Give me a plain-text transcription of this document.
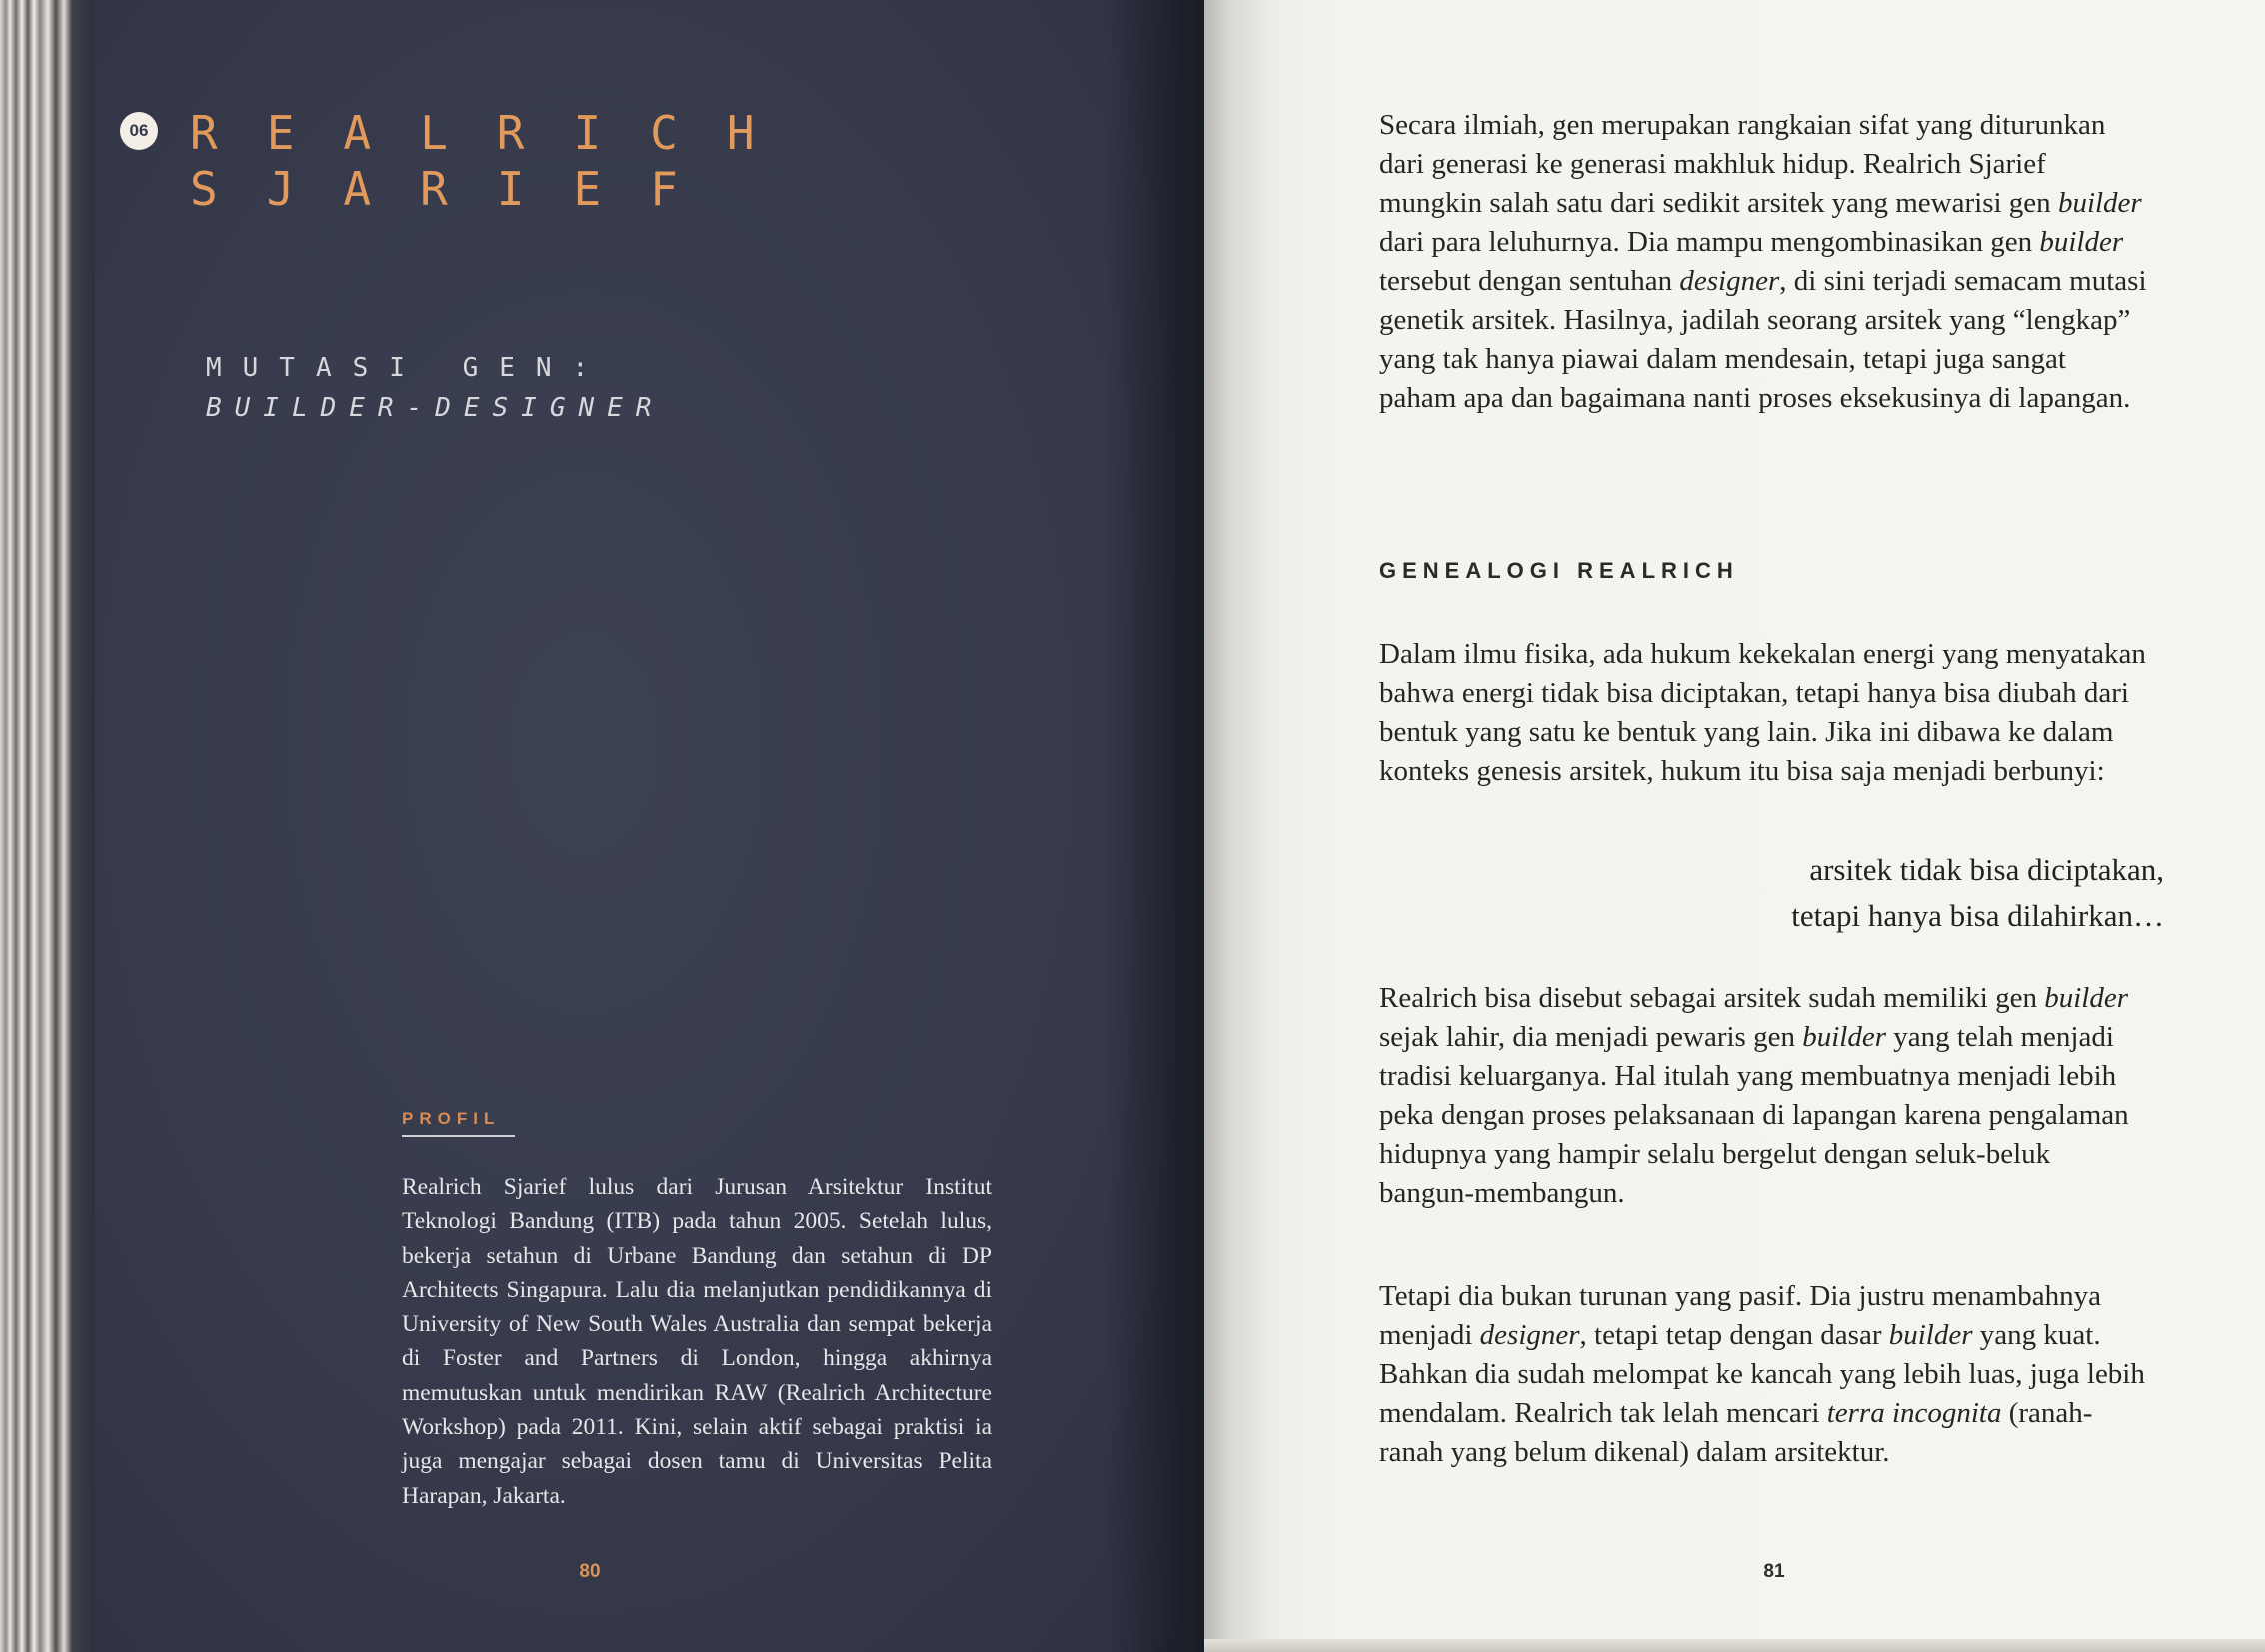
06 REALRICH
SJARIEF
MUTASI GEN:
BUILDER-DESIGNER
PROFIL
Realrich Sjarief lulus dari Jurusan Arsitektur Institut Teknologi Bandung (ITB) pada tahun 2005. Setelah lulus, bekerja setahun di Urbane Bandung dan setahun di DP Architects Singapura. Lalu dia melanjutkan pendidikannya di University of New South Wales Australia dan sempat bekerja di Foster and Partners di London, hingga akhirnya memutuskan untuk mendirikan RAW (Realrich Architecture Workshop) pada 2011. Kini, selain aktif sebagai praktisi ia juga mengajar sebagai dosen tamu di Universitas Pelita Harapan, Jakarta.
80

Secara ilmiah, gen merupakan rangkaian sifat yang diturunkan dari generasi ke generasi makhluk hidup. Realrich Sjarief mungkin salah satu dari sedikit arsitek yang mewarisi gen builder dari para leluhurnya. Dia mampu mengombinasikan gen builder tersebut dengan sentuhan designer, di sini terjadi semacam mutasi genetik arsitek. Hasilnya, jadilah seorang arsitek yang “lengkap” yang tak hanya piawai dalam mendesain, tetapi juga sangat paham apa dan bagaimana nanti proses eksekusinya di lapangan.

GENEALOGI REALRICH

Dalam ilmu fisika, ada hukum kekekalan energi yang menyatakan bahwa energi tidak bisa diciptakan, tetapi hanya bisa diubah dari bentuk yang satu ke bentuk yang lain. Jika ini dibawa ke dalam konteks genesis arsitek, hukum itu bisa saja menjadi berbunyi:

arsitek tidak bisa diciptakan,
tetapi hanya bisa dilahirkan…

Realrich bisa disebut sebagai arsitek sudah memiliki gen builder sejak lahir, dia menjadi pewaris gen builder yang telah menjadi tradisi keluarganya. Hal itulah yang membuatnya menjadi lebih peka dengan proses pelaksanaan di lapangan karena pengalaman hidupnya yang hampir selalu bergelut dengan seluk-beluk bangun-membangun.

Tetapi dia bukan turunan yang pasif. Dia justru menambahnya menjadi designer, tetapi tetap dengan dasar builder yang kuat. Bahkan dia sudah melompat ke kancah yang lebih luas, juga lebih mendalam. Realrich tak lelah mencari terra incognita (ranah-ranah yang belum dikenal) dalam arsitektur.

81
